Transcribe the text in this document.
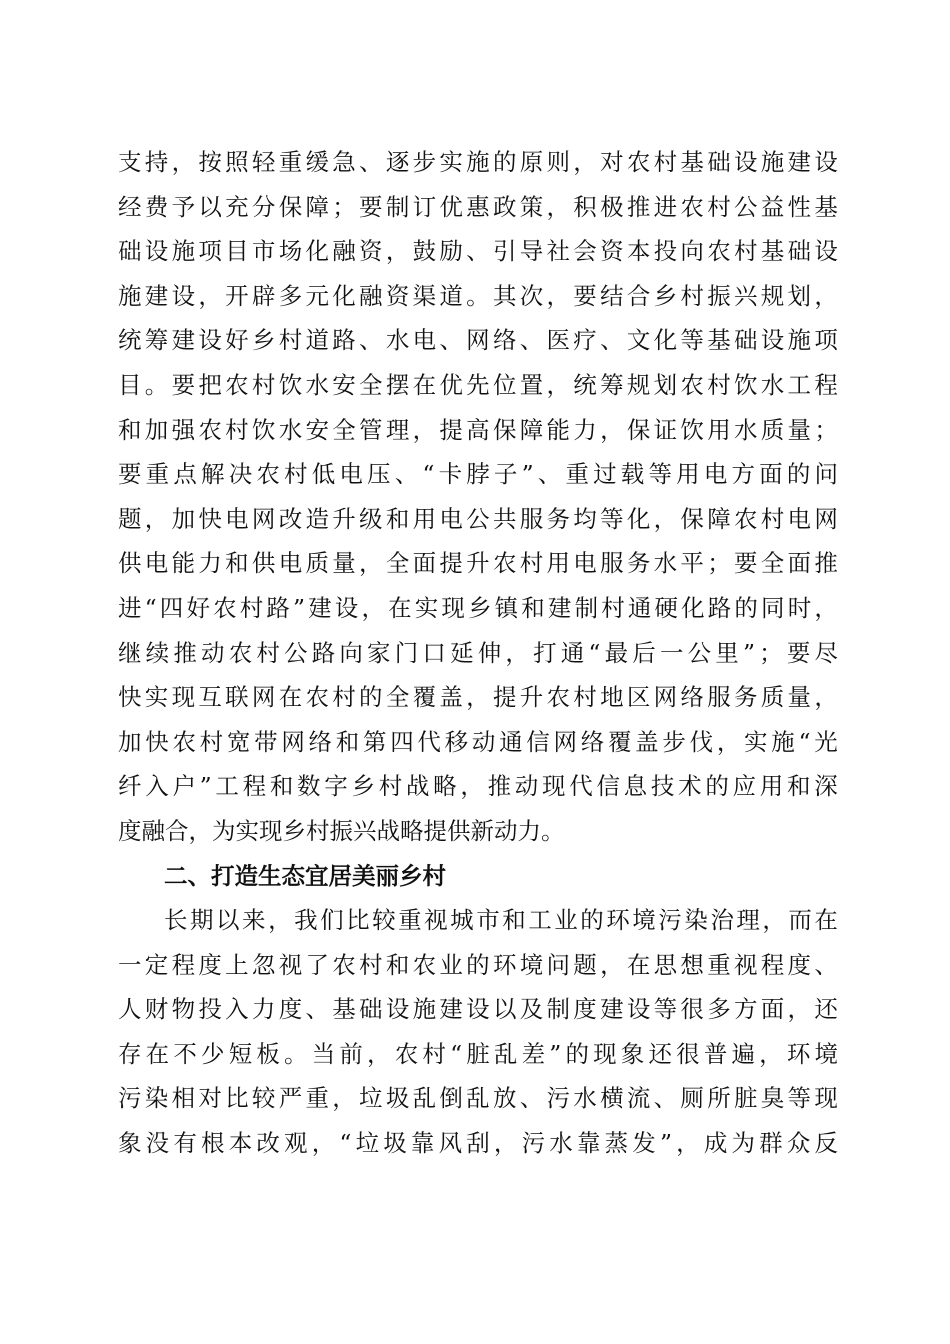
支 持 ， 按 照 轻 重 缓 急 、 逐 步 实 施 的 原 则 ， 对 农 村 基 础 设 施 建 设
经 费 予 以 充 分 保 障 ； 要 制 订 优 惠 政 策 ， 积 极 推 进 农 村 公 益 性 基
础 设 施 项 目 市 场 化 融 资 ， 鼓 励 、 引 导 社 会 资 本 投 向 农 村 基 础 设
施 建 设 ， 开 辟 多 元 化 融 资 渠 道 。 其 次 ， 要 结 合 乡 村 振 兴 规 划 ，
统 筹 建 设 好 乡 村 道 路 、 水 电 、 网 络 、 医 疗 、 文 化 等 基 础 设 施 项
目 。 要 把 农 村 饮 水 安 全 摆 在 优 先 位 置 ， 统 筹 规 划 农 村 饮 水 工 程
和 加 强 农 村 饮 水 安 全 管 理 ， 提 高 保 障 能 力 ， 保 证 饮 用 水 质 量 ；
要 重 点 解 决 农 村 低 电 压 、 “ 卡 脖 子 ” 、 重 过 载 等 用 电 方 面 的 问
题 ， 加 快 电 网 改 造 升 级 和 用 电 公 共 服 务 均 等 化 ， 保 障 农 村 电 网
供 电 能 力 和 供 电 质 量 ， 全 面 提 升 农 村 用 电 服 务 水 平 ； 要 全 面 推
进 “ 四 好 农 村 路 ” 建 设 ， 在 实 现 乡 镇 和 建 制 村 通 硬 化 路 的 同 时 ，
继 续 推 动 农 村 公 路 向 家 门 口 延 伸 ， 打 通 “ 最 后 一 公 里 ” ； 要 尽
快 实 现 互 联 网 在 农 村 的 全 覆 盖 ， 提 升 农 村 地 区 网 络 服 务 质 量 ，
加 快 农 村 宽 带 网 络 和 第 四 代 移 动 通 信 网 络 覆 盖 步 伐 ， 实 施 “ 光
纤 入 户 ” 工 程 和 数 字 乡 村 战 略 ， 推 动 现 代 信 息 技 术 的 应 用 和 深
度融合，为实现乡村振兴战略提供新动力。
二、打造生态宜居美丽乡村
长 期 以 来 ， 我 们 比 较 重 视 城 市 和 工 业 的 环 境 污 染 治 理 ， 而 在
一 定 程 度 上 忽 视 了 农 村 和 农 业 的 环 境 问 题 ， 在 思 想 重 视 程 度 、
人 财 物 投 入 力 度 、 基 础 设 施 建 设 以 及 制 度 建 设 等 很 多 方 面 ， 还
存 在 不 少 短 板 。 当 前 ， 农 村 “ 脏 乱 差 ” 的 现 象 还 很 普 遍 ， 环 境
污 染 相 对 比 较 严 重 ， 垃 圾 乱 倒 乱 放 、 污 水 横 流 、 厕 所 脏 臭 等 现
象 没 有 根 本 改 观 ， “ 垃 圾 靠 风 刮 ， 污 水 靠 蒸 发 ” ， 成 为 群 众 反
